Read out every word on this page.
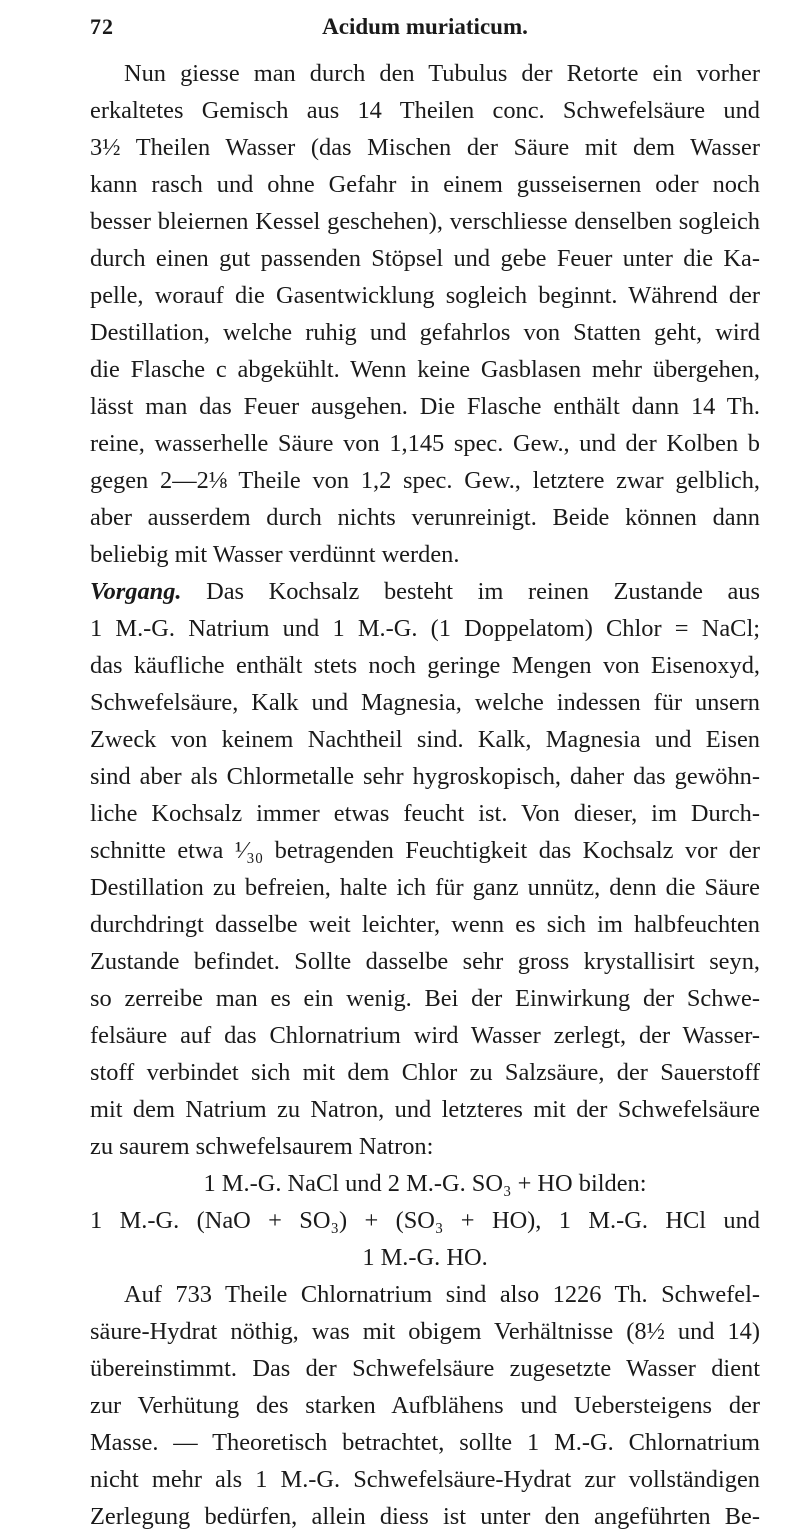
72	Acidum muriaticum.
Nun giesse man durch den Tubulus der Retorte ein vorher
erkaltetes Gemisch aus 14 Theilen conc. Schwefelsäure und
3½ Theilen Wasser (das Mischen der Säure mit dem Wasser
kann rasch und ohne Gefahr in einem gusseisernen oder noch
besser bleiernen Kessel geschehen), verschliesse denselben sogleich
durch einen gut passenden Stöpsel und gebe Feuer unter die Ka-
pelle, worauf die Gasentwicklung sogleich beginnt. Während der
Destillation, welche ruhig und gefahrlos von Statten geht, wird
die Flasche c abgekühlt. Wenn keine Gasblasen mehr übergehen,
lässt man das Feuer ausgehen. Die Flasche enthält dann 14 Th.
reine, wasserhelle Säure von 1,145 spec. Gew., und der Kolben b
gegen 2—2⅛ Theile von 1,2 spec. Gew., letztere zwar gelblich,
aber ausserdem durch nichts verunreinigt. Beide können dann
beliebig mit Wasser verdünnt werden.
Vorgang. Das Kochsalz besteht im reinen Zustande aus
1 M.-G. Natrium und 1 M.-G. (1 Doppelatom) Chlor = NaCl;
das käufliche enthält stets noch geringe Mengen von Eisenoxyd,
Schwefelsäure, Kalk und Magnesia, welche indessen für unsern
Zweck von keinem Nachtheil sind. Kalk, Magnesia und Eisen
sind aber als Chlormetalle sehr hygroskopisch, daher das gewöhn-
liche Kochsalz immer etwas feucht ist. Von dieser, im Durch-
schnitte etwa ¹⁄₃₀ betragenden Feuchtigkeit das Kochsalz vor der
Destillation zu befreien, halte ich für ganz unnütz, denn die Säure
durchdringt dasselbe weit leichter, wenn es sich im halbfeuchten
Zustande befindet. Sollte dasselbe sehr gross krystallisirt seyn,
so zerreibe man es ein wenig. Bei der Einwirkung der Schwe-
felsäure auf das Chlornatrium wird Wasser zerlegt, der Wasser-
stoff verbindet sich mit dem Chlor zu Salzsäure, der Sauerstoff
mit dem Natrium zu Natron, und letzteres mit der Schwefelsäure
zu saurem schwefelsaurem Natron:
1 M.-G. NaCl und 2 M.-G. SO₃ + HO bilden:
1 M.-G. (NaO + SO₃) + (SO₃ + HO), 1 M.-G. HCl und
1 M.-G. HO.
Auf 733 Theile Chlornatrium sind also 1226 Th. Schwefel-
säure-Hydrat nöthig, was mit obigem Verhältnisse (8½ und 14)
übereinstimmt. Das der Schwefelsäure zugesetzte Wasser dient
zur Verhütung des starken Aufblähens und Uebersteigens der
Masse. — Theoretisch betrachtet, sollte 1 M.-G. Chlornatrium
nicht mehr als 1 M.-G. Schwefelsäure-Hydrat zur vollständigen
Zerlegung bedürfen, allein diess ist unter den angeführten Be-
